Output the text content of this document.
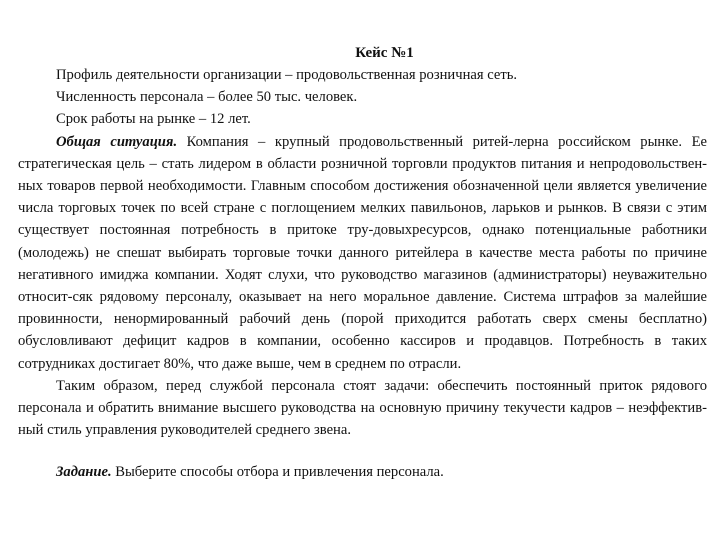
Кейс №1

Профиль деятельности организации – продовольственная розничная сеть.

Численность персонала – более 50 тыс. человек.

Срок работы на рынке – 12 лет.

Общая ситуация. Компания – крупный продовольственный ритей-лерна российском рынке. Ее стратегическая цель – стать лидером в области розничной торговли продуктов питания и непродовольствен-ных товаров первой необходимости. Главным способом достижения обозначенной цели является увеличение числа торговых точек по всей стране с поглощением мелких павильонов, ларьков и рынков. В связи с этим существует постоянная потребность в притоке тру-довыхресурсов, однако потенциальные работники (молодежь) не спешат выбирать торговые точки данного ритейлера в качестве места работы по причине негативного имиджа компании. Ходят слухи, что руководство магазинов (администраторы) неуважительно относит-сяк рядовому персоналу, оказывает на него моральное давление. Система штрафов за малейшие провинности, ненормированный рабочий день (порой приходится работать сверх смены бесплатно) обусловливают дефицит кадров в компании, особенно кассиров и продавцов. Потребность в таких сотрудниках достигает 80%, что даже выше, чем в среднем по отрасли.

Таким образом, перед службой персонала стоят задачи: обеспечить постоянный приток рядового персонала и обратить внимание высшего руководства на основную причину текучести кадров – неэффектив-ный стиль управления руководителей среднего звена.

Задание. Выберите способы отбора и привлечения персонала.
